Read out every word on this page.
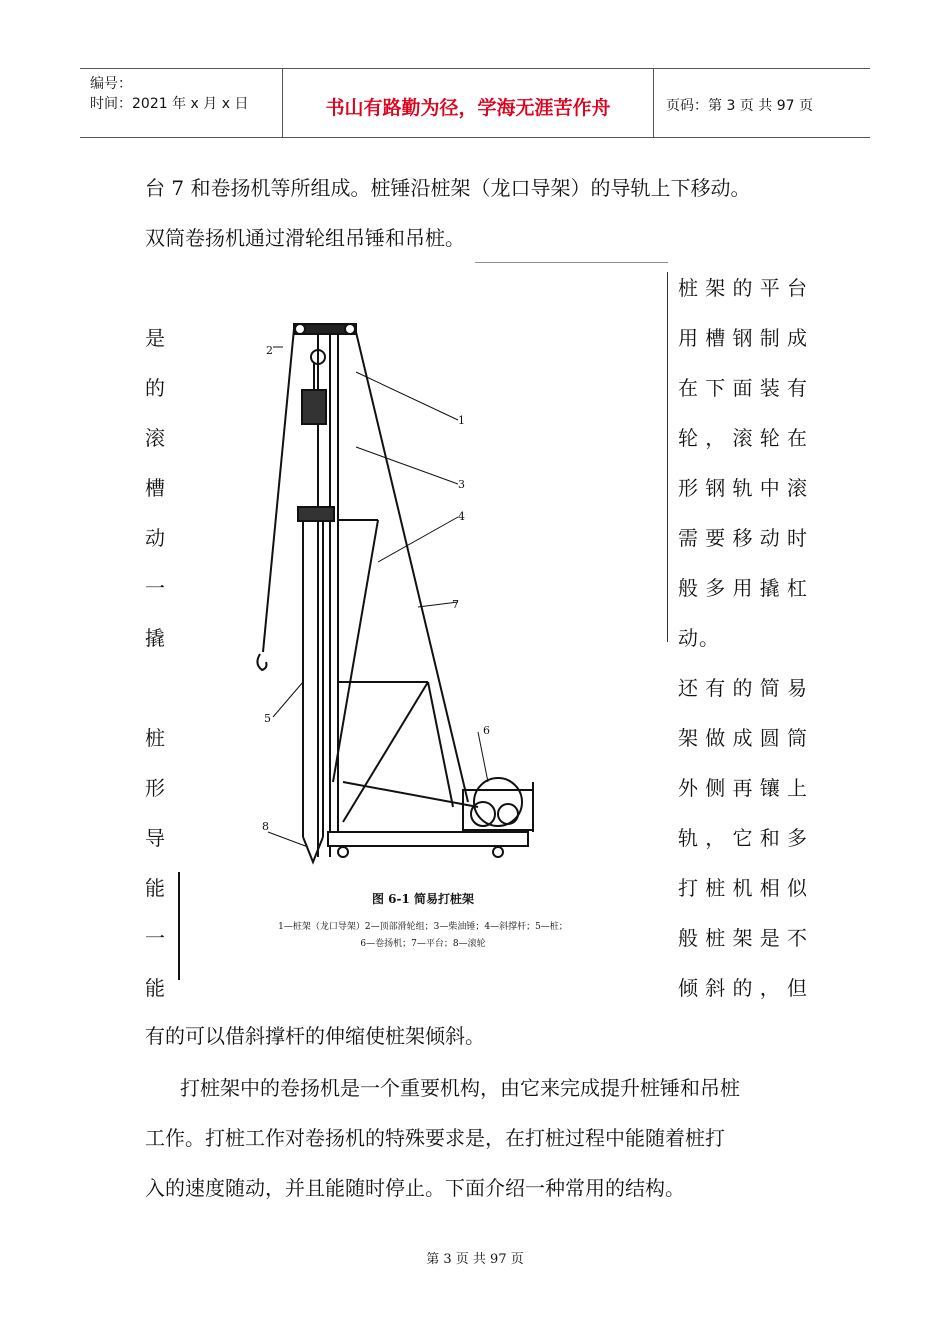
编号：
时间：2021 年 x 月 x 日	书山有路勤为径，学海无涯苦作舟	页码：第 3 页 共 97 页
台 7 和卷扬机等所组成。桩锤沿桩架（龙口导架）的导轨上下移动。
双筒卷扬机通过滑轮组吊锤和吊桩。
是
的
滚
槽
动
一
撬
桩
形
导
能
一
能
桩架的平台
用槽钢制成
在下面装有
轮，滚轮在
形钢轨中滚
需要移动时
般多用撬杠
动。
还有的简易
架做成圆筒
外侧再镶上
轨，它和多
打桩机相似
般桩架是不
倾斜的，但
1
2
3
4
5
6
7
8
图 6-1 简易打桩架
1—桩架（龙口导架）2—顶部滑轮组；3—柴油锤；4—斜撑杆；5—桩；
6—卷扬机；7—平台；8—滚轮
有的可以借斜撑杆的伸缩使桩架倾斜。
打桩架中的卷扬机是一个重要机构，由它来完成提升桩锤和吊桩
工作。打桩工作对卷扬机的特殊要求是，在打桩过程中能随着桩打
入的速度随动，并且能随时停止。下面介绍一种常用的结构。
第 3 页 共 97 页
